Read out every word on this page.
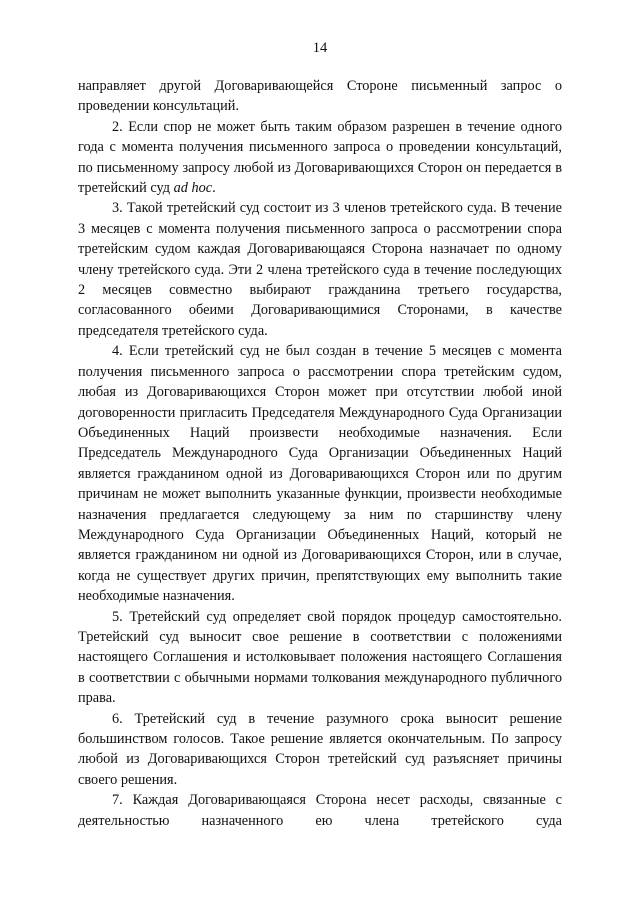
14

направляет другой Договаривающейся Стороне письменный запрос о проведении консультаций.

2. Если спор не может быть таким образом разрешен в течение одного года с момента получения письменного запроса о проведении консультаций, по письменному запросу любой из Договаривающихся Сторон он передается в третейский суд ad hoc.

3. Такой третейский суд состоит из 3 членов третейского суда. В течение 3 месяцев с момента получения письменного запроса о рассмотрении спора третейским судом каждая Договаривающаяся Сторона назначает по одному члену третейского суда. Эти 2 члена третейского суда в течение последующих 2 месяцев совместно выбирают гражданина третьего государства, согласованного обеими Договаривающимися Сторонами, в качестве председателя третейского суда.

4. Если третейский суд не был создан в течение 5 месяцев с момента получения письменного запроса о рассмотрении спора третейским судом, любая из Договаривающихся Сторон может при отсутствии любой иной договоренности пригласить Председателя Международного Суда Организации Объединенных Наций произвести необходимые назначения. Если Председатель Международного Суда Организации Объединенных Наций является гражданином одной из Договаривающихся Сторон или по другим причинам не может выполнить указанные функции, произвести необходимые назначения предлагается следующему за ним по старшинству члену Международного Суда Организации Объединенных Наций, который не является гражданином ни одной из Договаривающихся Сторон, или в случае, когда не существует других причин, препятствующих ему выполнить такие необходимые назначения.

5. Третейский суд определяет свой порядок процедур самостоятельно. Третейский суд выносит свое решение в соответствии с положениями настоящего Соглашения и истолковывает положения настоящего Соглашения в соответствии с обычными нормами толкования международного публичного права.

6. Третейский суд в течение разумного срока выносит решение большинством голосов. Такое решение является окончательным. По запросу любой из Договаривающихся Сторон третейский суд разъясняет причины своего решения.

7. Каждая Договаривающаяся Сторона несет расходы, связанные с деятельностью назначенного ею члена третейского суда
